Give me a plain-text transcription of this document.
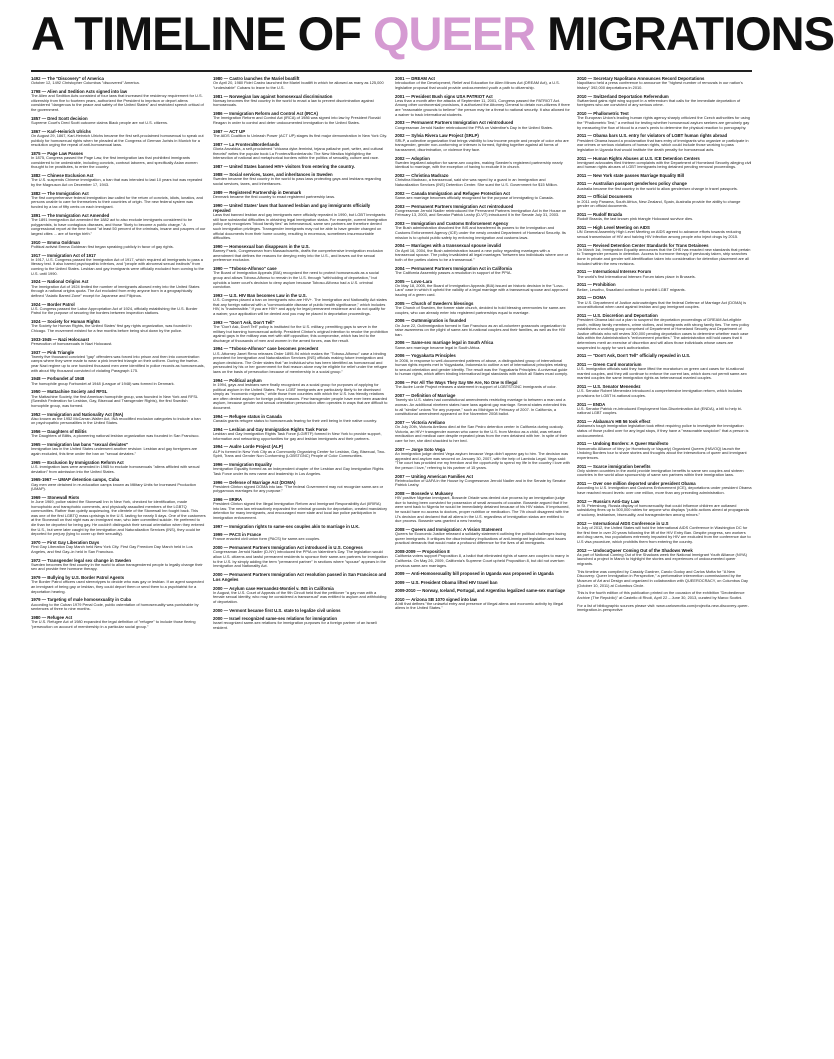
A TIMELINE OF QUEER MIGRATIONS
1492 — The "Discovery" of America
October 12, 1492 Christopher Columbus "discovered" America.
1798 — Alien and Sedition Acts signed into law
The Alien and Sedition Acts consisted of four laws that increased the residency requirement for U.S. citizenship from five to fourteen years, authorized the President to imprison or deport aliens considered "dangerous to the peace and safety of the United States" and restricted speech critical of the government.
1857 — Dred Scott decision
Supreme Court's Dred Scott outcome claims Black people are not U.S. citizens.
1867 — Karl–Heinrich Ulrichs
On August 29, 1867, Karl-Heinrich Ulrichs became the first self-proclaimed homosexual to speak out publicly for homosexual rights when he pleaded at the Congress of German Jurists in Munich for a resolution urging the repeal of anti-homosexual laws.
1875 — Page Law Passes
In 1875, Congress passed the Page Law, the first immigration law that prohibited immigrants considered to be undesirable, including convicts, contract laborers, and specifically Asian women thought to be prostitutes, to enter the country.
1882 — Chinese Exclusion Act
The U.S. suspends Chinese immigration, a ban that was intended to last 10 years but was repealed by the Magnuson Act on December 17, 1943.
1882 — The Immigration Act
The first comprehensive federal immigration law called for the return of convicts, idiots, lunatics, and persons unable to care for themselves to their countries of origin. The new federal system was funded by a tax of fifty cents on each immigrant.
1891 — The Immigration Act Amended
The 1891 Immigration Act amended the 1882 act to also exclude immigrants considered to be polygamists, to have contagious diseases, and those "likely to become a public charge." A congressional report at the time found "at least 50 percent of the criminals, insane and paupers of our largest cities ... are of foreign birth."
1910 — Emma Goldman
Political activist Emma Goldman first began speaking publicly in favor of gay rights.
1917 — Immigration Act of 1917
In 1917, U.S. Congress passed the Immigration Act of 1917, which required all immigrants to pass a literacy test. It also barred psychopathic inferiors, and "people with abnormal sexual instincts" from coming to the United States. Lesbian and gay immigrants were officially excluded from coming to the U.S. until 1990.
1924 — National Origins Act
The Immigration Act of 1924 limited the number of immigrants allowed entry into the United States through a national origins quota. The Act excluded from entry anyone born in a geographically defined "Asiatic Barred Zone" except for Japanese and Filipinos.
1924 — Border Patrol
U.S. Congress passed the Labor Appropriation Act of 1924, officially establishing the U.S. Border Patrol for the purpose of securing the borders between inspection stations.
1924 — Society for Human Rights
The Society for Human Rights, the United States' first gay rights organization, was founded in Chicago. The movement existed for a few months before being shut down by the police.
1933-1945 — Nazi Holocaust
Persecution of homosexuals in Nazi Holocaust.
1937 — Pink Triangle
Twenty five thousand convicted "gay" offenders was forced into prison and then into concentration camps where they were made to wear a pink inverted triangle on their uniform. During the twelve-year Nazi regime up to one hundred thousand men were identified in police records as homosexuals, with about fifty thousand convicted of violating Paragraph 175.
1948 — Forbundet af 1948
The homophile group Forbundet af 1948 (League of 1948) was formed in Denmark.
1950 — Mattachine Society and RFSL
The Mattachine Society, the first American homophile group, was founded in New York and RFSL (Swedish Federation for Lesbian, Gay, Bisexual and Transgender Rights), the first Swedish homophile group, was formed.
1952 — Immigration and Nationality Act (INA)
Also known as the 1952 McCarran-Walter Act, INA recodified exclusion categories to include a ban on psychopathic personalities in the United States.
1956 — Daughters of Bilitis
The Daughters of Bilitis, a pioneering national lesbian organization was founded in San Francisco.
1965 — Immigration law bans "sexual deviates"
Immigration law in the United States underwent another revision: Lesbian and gay foreigners are again excluded, this time under the ban on "sexual deviates."
1965 — Exclusion by Immigration Reform Act
U.S. immigration laws were amended in 1965 to exclude homosexuals "aliens afflicted with sexual deviation" from admission into the United States.
1965-1967 — UMAP detention camps, Cuba
Gay men were detained in re-education camps known as Military Units for Increased Production (UMAP).
1969 — Stonewall Riots
In June 1969, police raided the Stonewall Inn in New York, checked for identification, made homophobic and transphobic comments, and physically assaulted members of the LGBTQ communities. Rather than quietly acquiescing, the clientele of the Stonewall Inn fought back. This was one of the first LGBTQ mass uprisings in the U.S. lasting for nearly 5 days. One of the customers at the Stonewall on that night was an immigrant man, who later committed suicide. He preferred to die than be deported for being gay. He couldn't distinguish their sexual orientation when they entered the U.S., but were later caught by the immigration and Naturalization Services (INS), they could be deported for perjury (lying to cover up their sexuality).
1970 — First Gay Liberation Days
First Gay Liberation Day March held New York City. First Gay Freedom Day March held in Los Angeles, and first Gay–in held in San Francisco.
1972 — Transgender legal sex change in Sweden
Sweden becomes the first country in the world to allow transgendered people to legally change their sex and provide free hormone therapy.
1979 — Bullying by U.S. Border Patrol Agents
The Border Patrol officers used stereotypes to decide who was gay or lesbian. If an agent suspected an immigrant of being gay or lesbian, they could deport them or send them to a psychiatrist for a deportation hearing.
1979 — Targeting of male homosexuality in Cuba
According to the Cuban 1979 Penal Code, public ostentation of homosexuality was punishable by sentences of three to nine months.
1980 — Refugee Act
The U.S. Refugee Act of 1980 expanded the legal definition of "refugee" to include those fleeing "persecution on account of membership in a particular social group."
1980 — Castro launches the Mariel boatlift
On April 20, 1980 Fidel Castro launched the Mariel boatlift in which he allowed as many as 125,000 "undesirable" Cubans to leave to the U.S.
1981 — Norwegian law against homosexual discrimination
Norway becomes the first country in the world to enact a law to prevent discrimination against homosexuals.
1986 — Immigration Reform and Control Act (IRCA)
The Immigration Reform and Control Act (IRCA) of 1986 was signed into law by President Ronald Reagan in order to control and deter undocumented immigration to the United States.
1987 — ACT UP
The AIDS Coalition to Unleash Power (ACT UP) stages its first major demonstration in New York City.
1987 — La Frontera/Borderlands
Gloria Anzaldúa, a self-proclaimed "chicana dyke-feminist, tejana patlache poet, writer, and cultural theorist" writes the popular book La Frontera/Borderlands: The New Mestiza highlighting the intersection of national and metaphorical borders within the politics of sexuality, culture and race.
1987 — United States banned HIV+ visitors from entering the country.
1988 — Social services, taxes, and inheritances in Sweden
Sweden became the first country in the world to pass laws protecting gays and lesbians regarding social services, taxes, and inheritances.
1989 — Registered Partnership in Denmark
Denmark became the first country to enact registered partnership laws.
1990 — United States' laws that banned lesbian and gay immigrants officially repealed
Laws that banned lesbian and gay immigrants were officially repealed in 1990, but LGBT immigrants still face substantial difficulties in obtaining legal immigration status. For example, current immigration policy only recognizes "blood family ties" as heterosexual, same sex partners are therefore denied such immigration privileges. Transgender immigrants may not be able to have gender changed on official documents from their home country, resulting in enormous, sometimes insurmountable difficulties.
1990 — Homosexual ban disappears in the U.S.
Barney Frank, Congressman from Massachusetts, drafts the comprehensive immigration exclusion amendment that defines the reasons for denying entry into the U.S., and leaves out the sexual preference exclusion.
1990 — "Toboso-Alfonso" case
The Board of Immigration Appeals (BIA) recognized the need to protect homosexuals as a social group and allows Toboso-Alfonso to remain in the U.S. through "withholding of deportation," but upholds a lower court's decision to deny asylum because Toboso-Alfonso had a U.S. criminal conviction.
1993 — U.S. HIV Ban becomes Law in the U.S.
U.S. Congress placed a ban on immigrants who are HIV+. The Immigration and Nationality Act states that any foreign national with a "communicable disease of public health significance," which includes HIV, is "inadmissible." If you are HIV+ and apply for legal permanent residence and do not qualify for a waiver, your application will be denied and you may be placed in deportation proceedings.
1993 — "Don't Ask, Don't Tell"
The "Don't Ask, Don't Tell" policy is instituted for the U.S. military, permitting gays to serve in the military but banning homosexual activity. President Clinton's original intention to revoke the prohibition against gays in the military was met with stiff opposition; this compromise, which has led to the discharge of thousands of men and women in the armed forces, was the result.
1994 — "Toboso-Alfonso" case becomes precedent
U.S. Attorney Janet Reno releases Order 1895-94 which makes the "Toboso-Alfonso" case a binding precedent for Immigration and Naturalization Services (INS) officials making future immigration and asylum decisions. The Order states that "an individual who has been identified as homosexual and persecuted by his or her government for that reason alone may be eligible for relief under the refugee laws on the basis of persecution because of membership in a social group."
1994 — Political asylum
In 1994, gays and lesbians were finally recognized as a social group for purposes of applying for political asylum in the United States. Poor LGBT immigrants are particularly likely to be dismissed simply as "economic migrants," while those from countries with which the U.S. has friendly relations are often denied asylum for foreign policy reasons. Few transgender people have ever been awarded asylum, because gender and sexual orientation persecution often operates in ways that are difficult to document.
1994 — Refugee status in Canada
Canada grants refugee status to homosexuals fearing for their well being in their native country.
1994 — Lesbian and Gay Immigration Rights Task Force
Lesbian and Gay Immigration Rights Task Force (LGIRTF) formed in New York to provide support, information and networking opportunities for gay and lesbian immigrants and their partners.
1994 — Audre Lorde Project (ALP)
ALP is formed in New York City as a Community Organizing Center for Lesbian, Gay, Bisexual, Two-Spirit, Trans and Gender Non Conforming (LGBSTGNC) People of Color Communities.
1996 — Immigration Equality
Immigration Equality formed as an independent chapter of the Lesbian and Gay Immigration Rights Task Force under its new name and leadership in Los Angeles.
1996 — Defense of Marriage Act (DOMA)
President Clinton signed DOMA into law: "The federal Government may not recognize same-sex or polygamous marriages for any purpose."
1996 — IIRIRA
President Clinton signed the Illegal Immigration Reform and Immigrant Responsibility Act (IIRIRA) into law. The new law retroactively expanded the criminal grounds for deportation, created mandatory detention for many immigrants, and encouraged more state and local law police participation in immigration enforcement.
1997 — Immigration rights to same-sex couples akin to marriage in U.K.
1999 — PACS in France
France enacted civil union form (PACS) for same-sex couples.
2000 — Permanent Partners Immigration Act introduced in U.S. Congress
Congressman Jerrold Nadler (D-NY) introduced the PPIA on Valentine's Day. The legislation would allow U.S. citizens and lawful permanent residents to sponsor their same-sex partners for immigration to the U.S. by simply adding the term "permanent partner" in sections where "spouse" appears in the Immigration and Nationality Act.
2000 — Permanent Partners Immigration Act resolution passed in San Francisco and Los Angeles
2000 — Asylum case Hernandez-Montiel v. INS in California
In August, the U.S. Court of Appeals of the 9th Circuit held that the petitioner "a gay man with a female sexual identity, who may be considered a transsexual" was entitled to asylum and withholding of deportation.
2000 — Vermont became first U.S. state to legalize civil unions
2000 — Israel recognized same-sex relations for immigration
Israel recognized same-sex relations for immigration purposes for a foreign partner of an Israeli resident.
2001 — DREAM Act
Introduction of the Development, Relief and Education for Alien Minors Act (DREAM Act), a U.S. legislative proposal that would provide undocumented youth a path to citizenship.
2001 — President Bush signs USA PATRIOT Act
Less than a month after the attacks of September 11, 2001, Congress passed the PATRIOT Act. Among other controversial provisions, it authorized the Attorney General to detain non-citizens if there are "reasonable grounds to believe" the person may be a threat to national security. It also allowed for a waiver to track international students.
2003 — Permanent Partners Immigration Act reintroduced
Congressman Jerrold Nadler reintroduced the PPIA on Valentine's Day in the United States.
2002 — Sylvia Rivera Law Project (SRLP)
SRLP, a collective organization that brings visibility to low income people and people of color who are transgender, gender non-conforming or intersex is formed, fighting together against all forms of harassment, discrimination, or violence they face.
2002 — Adoption
Sweden legalized adoption for same-sex couples, making Sweden's registered partnership nearly identical to marriage, with the exception of having to exclude it in church.
2002 — Christina Madrazo
Christina Madrazo, a transsexual, said she was raped by a guard in an Immigration and Naturalization Services (INS) Detention Center. She sued the U.S. Government for $15 Million.
2002 — Canada Immigration and Refugee Protection Act
Same-sex marriage becomes officially recognized for the purpose of immigrating to Canada.
2003 — Permanent Partners Immigration Act reintroduced
Congressman Jerrold Nadler reintroduced the Permanent Partners Immigration Act in the House on February 13, 2003, and Senator Patrick Leahy (D-VT) introduced it in the Senate July 31, 2003.
2003 — Immigration and Customs Enforcement Agency
The Bush administration dissolved the INS and transferred its powers to the Immigration and Customs Enforcement Agency (ICE) under the newly created Department of Homeland Security. Its mission is to uphold public safety by enforcing immigration and customs laws.
2004 — Marriages with a transsexual spouse invalid
On April 16, 2004, the Bush administration issued a new policy regarding marriages with a transsexual spouse. The policy invalidated all legal marriages "between two individuals where one or both of the parties claims to be a transsexual."
2004 — Permanent Partners Immigration Act in California
The California Assembly passes a resolution in support of the PPIA.
2005 — Lovo-Lara
On May 18, 2005, the Board of Immigration Appeals (BIA) issued an historic decision in the "Lovo-Lara" case in which it upheld the validity of a legal marriage with a transsexual spouse and approved issuing of a green card.
2005 — Church of Sweden's blessings
The Church of Sweden, the former state church, decided to hold blessing ceremonies for same-sex couples, who can already enter into registered partnerships equal to marriage.
2006 — OutImmigration is founded
On June 22, OutImmigration formed in San Francisco as an all-volunteer grassroots organization to raise awareness on the plight of same-sex bi-national couples and their families, as well as the HIV ban.
2006 — Same-sex marriage legal in South Africa
Same-sex marriage became legal in South Africa.
2006 — Yogyakarta Principles
In 2006, in response to well-documented patterns of abuse, a distinguished group of international human rights experts met in Yogyakarta, Indonesia to outline a set of international principles relating to sexual orientation and gender identity. The result was the Yogyakarta Principles: A universal guide to human rights, which affirm binding international legal standards with which all States must comply.
2006 — For All The Ways They Say We Are, No One Is Illegal
The Audre Lorde Project releases a statement in support of LGBTSTGNC immigrants of color.
2007 — Definition of Marriage
Twenty six U.S. states had constitutional amendments restricting marriage to between a man and a woman. An additional nineteen states have laws against gay marriage. Several states extended this to all "similar" unions "for any purpose," such as Michigan in February of 2007. In California, a constitutional amendment appeared on the November 2008 ballot.
2007 — Victoria Arellano
On July 20th, Victoria Arellano died at the San Pedro detention center in California during custody. Victoria, an HIV+ transgender woman who came to the U.S. from Mexico as a child, was refused medication and medical care despite repeated pleas from the men detained with her. In spite of their care for her, she died shackled to her bed.
2007 — Jorge Soto Vega
An immigration judge denied Vega asylum because Vega didn't appear gay to him. The decision was appealed and asylum was secured on January 30, 2007, with the help of Lambda Legal. Vega said: "The court has provided me my freedom and the opportunity to spend my life in the country I love with the person I love," referring to his partner of 15 years.
2007 — Uniting American Families Act
Reintroduction of UAFA in the House by Congressman Jerrold Nadler and in the Senate by Senator Patrick Leahy.
2008 — Bossede v. Mukasey
HIV positive Nigerian immigrant, Bossede Oriade was denied due process by an immigration judge due to having been convicted for possession of small amounts of cocaine. Bossede argued that if he were sent back to Nigeria he would be immediately detained because of his HIV status. If imprisoned, he would have no access to doctors, proper nutrition or medication. The 7th circuit disagreed with the IJ's decision and declared that all aliens in the U.S. regardless of immigration status are entitled to due process. Bossede was granted a new hearing.
2008 — Queers and Immigration: A Vision Statement
Queers for Economic Justice released a solidarity statement outlining the political challenges facing queer immigrants. It critiques the discriminatory implications of anti-immigrant legislation and issues practical demands that would make a profound difference for the lives of all immigrants.
2008-2009 — Proposition 8
California voters support Proposition 8, a ballot that eliminated rights of same-sex couples to marry in California. On May 26, 2009, California's Supreme Court upheld Proposition 8, but did not overturn previous same-sex marriages.
2009 — Anti-Homosexuality bill proposed in Uganda was proposed in Uganda
2009 — U.S. President Obama lifted HIV travel ban
2009-2010 — Norway, Iceland, Portugal, and Argentina legalized same-sex marriage
2010 — Arizona SB 1070 signed into law
A bill that defines "the unlawful entry and presence of illegal aliens and economic activity by illegal aliens in the United States."
2010 — Secretary Napolitano Announces Record Deportations
Napolitano held a press conference to announce the "highest number of removals in our nation's history" 392,000 deportations in 2010.
2010 — Switzerland Deportation Referendum
Switzerland gains right wing support in a referendum that calls for the immediate deportation of foreigners who are convicted of any serious crime.
2010 — Phallometric Test
The European Union's leading human rights agency sharply criticized the Czech authorities for using the "Phallometric Test," a method for testing whether homosexual asylum seekers are genuinely gay by measuring the flow of blood to a man's penis to determine the physical reaction to pornography.
2011 — Obama bars U.S. entry for violators of LGBT human rights abroad
President Obama issued a proclamation that bars entry of immigrants who organize or participate in war crimes or serious violations of human rights, which could include those working to pass legislation in Uganda that would institute the death penalty for homosexual acts.
2011 — Human Rights Abuses at U.S. ICE Detention Centers
Immigrant advocates filed thirteen complaints with the Department of Homeland Security alleging civil and human rights abuses of LGBT immigrants being detained pending removal proceedings.
2011 — New York state passes Marriage Equality Bill
2011 — Australian passport gender/sex policy change
Australia became the first country in the world to allow gender/sex change in travel passports.
2011 — Official Documents
In 2011 only Panama, South Africa, New Zealand, Spain, Australia provide the ability to change gender on official documents.
2011 — Rudolf Brazda
Rudolf Brazda, the last known pink triangle Holocaust survivor dies.
2011 — High Level Meeting on AIDS
UN General Assembly High Level Meeting on AIDS agreed to advance efforts towards reducing sexual transmission of HIV and halving HIV infection among people who inject drugs by 2015.
2011 — Revised Detention Center Standards for Trans Detainees
On March 1st, Immigration Equality announces that the DHS has enacted new standards that pertain to Transgender persons in detention. Access to hormone therapy if previously taken, strip searches done in private and gender self-identification taken into consideration for detention placement are all included within the new revisions.
2011 — International Intersex Forum
The world's first International Intersex Forum takes place in Brussels.
2011 — Prohibition
Belize, Lesotho, Swaziland continue to prohibit LGBT migrants.
2011 — DOMA
The U.S. Department of Justice acknowledges that the federal Defense of Marriage Act (DOMA) is unconstitutional when used against lesbian and gay immigrant couples.
2011 — U.S. Discretion and Deportation
President Obama laid out a plan to suspend the deportation proceedings of DREAM Act-eligible youth, military family members, crime victims, and immigrants with strong family ties. The new policy establishes a working group comprised of Department of Homeland Security and Department of Justice officials who will review 300,000 pending deportation cases to determine whether each case falls within the Administration's "enforcement priorities." The administration will hold cases that it determines merit an exercise of discretion and will allow those individuals whose cases are suspended to apply for work authorization.
2011 — "Don't Ask, Don't Tell" officially repealed in U.S.
2011 — Green Card moratorium
U.S. Immigration officials said they have lifted the moratorium on green card cases for bi-national married couples, and they will continue to enforce the current law, which does not permit same-sex married couples the same immigration rights as heterosexual married couples.
2011 — U.S. Senator Menendez
U.S. Senator Robert Menendez introduced a comprehensive immigration reform, which includes provisions for LGBT bi-national couples.
2011 — ENDA
U.S. Senator Patrick re-introduced Employment Non-Discrimination Act (ENDA), a bill to help bi-national LGBT couples.
2011 — Alabama's HB 56 took effect
Alabama's tough immigration legislation took effect requiring police to investigate the immigration status of those pulled over for any legal stops, if they have a "reasonable suspicion" that a person is undocumented.
2011 — Undoing Borders: A Queer Manifesto
Homoerotic Alliance of Very (or Homebody or Vaguely) Organized Queers (HAVOQ) launch the Undoing Borders tour to share stories and thoughts about the intersections of queer and immigrant experiences.
2011 — Scarce immigration benefits
Only sixteen countries in the world provide immigration benefits to same sex couples and sixteen countries in the world allow sponsorship of same sex partners within their immigration laws.
2011 — Over one million deported under president Obama
According to U.S. Immigration and Customs Enforcement (ICE), deportations under president Obama have reached record levels: over one million, more than any preceding administration.
2012 — Russia's Anti-Gay Law
In St. Petersburg, Russia display of homosexuality that could influence children are outlawed subsidizing fines up to 500,000 rubles for anyone who displays "public actions aimed at propaganda of sodomy, lesbianism, bisexuality, and transgenderism among minors."
2012 — International AIDS Conference in U.S
In July of 2012, the United States will hold the International AIDS Conference in Washington DC for the first time in over 20 years following the lift of the HIV Entry Ban. Despite progress, sex workers and drug users, two populations extremely impacted by HIV are excluded from the conference due to U.S visa procedure, which prohibits them from entering the country.
2012 — UndocuQueer Coming Out of the Shadows Week
As part of National Coming Out of the Shadows week the National Immigrant Youth Alliance (NIYA) launched a project in March to highlight the stories and experiences of undocumented queer migrants.
This timeline was compiled by Cassidy Gardner, Carolo Godoy and Carlos Motta for "A New Discovery: Queer Immigration in Perspective," a performative intervention commissioned by the Museum of Art and Design and organized in collaboration with QUEEROCRACY, on Columbus Day (October 10, 2011) at Columbus Circle.
This is the fourth edition of this publication printed on the occasion of the exhibition "Deobedience Archive (The Republic)" at Castello di Rivoli, April 22 – June 30, 2013, curated by Marco Scotini.
For a list of bibliographic sources please visit: www.carlosmotta.com/project/a-new-discovery-queer-immigration-in-perspective
